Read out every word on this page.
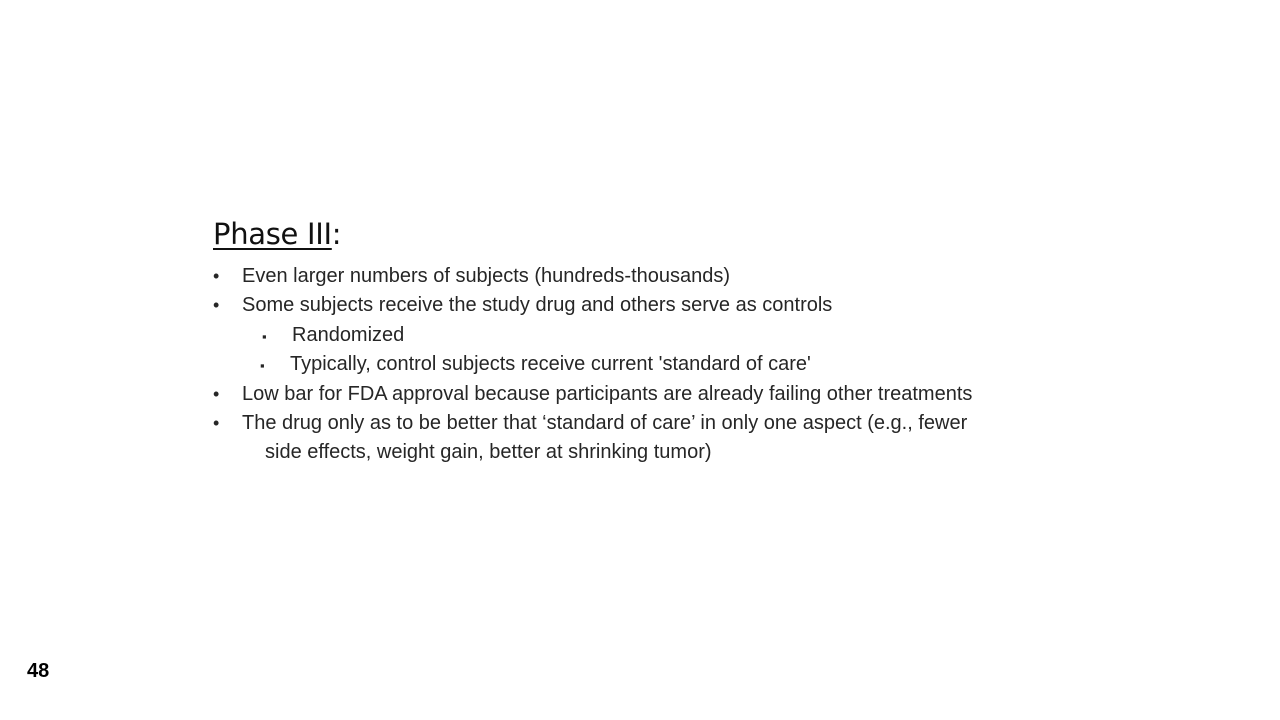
Phase III:
•	Even larger numbers of subjects (hundreds-thousands)
•	Some subjects receive the study drug and others serve as controls
▪	Randomized
▪	Typically, control subjects receive current 'standard of care'
•	Low bar for FDA approval because participants are already failing other treatments
•	The drug only as to be better that ‘standard of care’ in only one aspect (e.g., fewer
side effects, weight gain, better at shrinking tumor)
48
